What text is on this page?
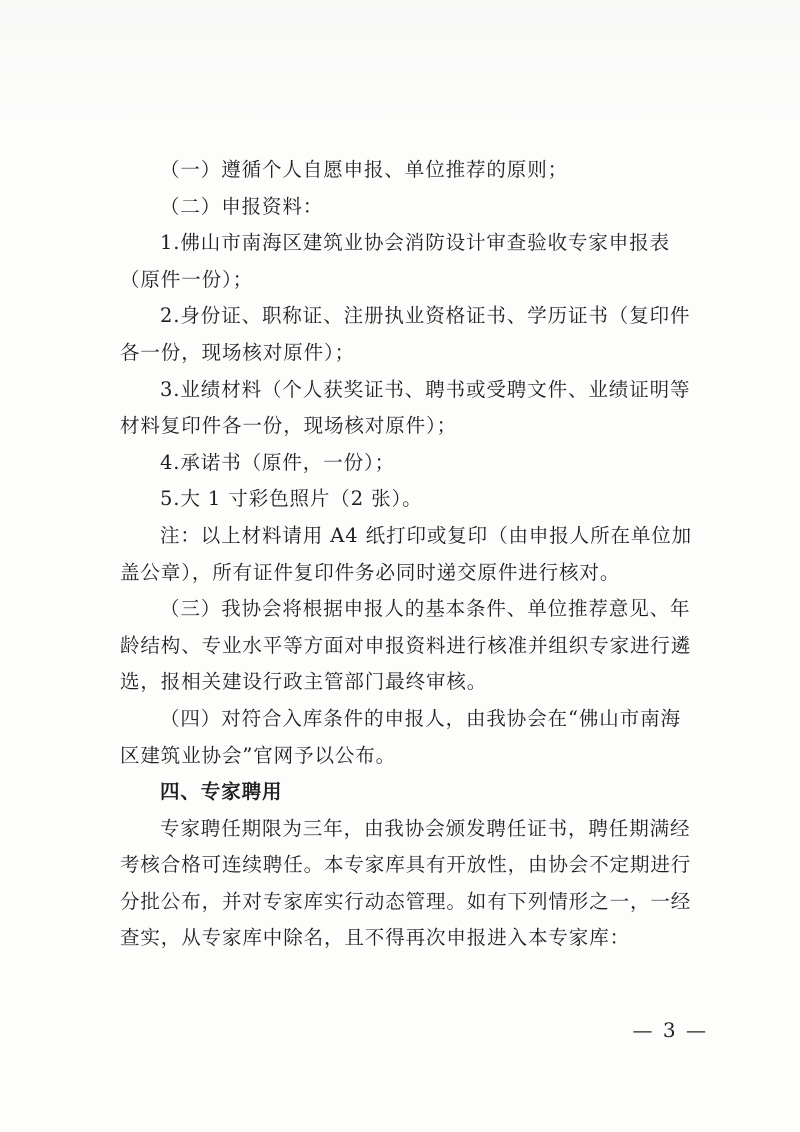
（一）遵循个人自愿申报、单位推荐的原则；
（二）申报资料：
1.佛山市南海区建筑业协会消防设计审查验收专家申报表
（原件一份）；
2.身份证、职称证、注册执业资格证书、学历证书（复印件
各一份，现场核对原件）；
3.业绩材料（个人获奖证书、聘书或受聘文件、业绩证明等
材料复印件各一份，现场核对原件）；
4.承诺书（原件，一份）；
5.大 1 寸彩色照片（2 张）。
注：以上材料请用 A4 纸打印或复印（由申报人所在单位加
盖公章），所有证件复印件务必同时递交原件进行核对。
（三）我协会将根据申报人的基本条件、单位推荐意见、年
龄结构、专业水平等方面对申报资料进行核准并组织专家进行遴
选，报相关建设行政主管部门最终审核。
（四）对符合入库条件的申报人，由我协会在“佛山市南海
区建筑业协会”官网予以公布。
四、专家聘用
专家聘任期限为三年，由我协会颁发聘任证书，聘任期满经
考核合格可连续聘任。本专家库具有开放性，由协会不定期进行
分批公布，并对专家库实行动态管理。如有下列情形之一，一经
查实，从专家库中除名，且不得再次申报进入本专家库：
— 3 —
